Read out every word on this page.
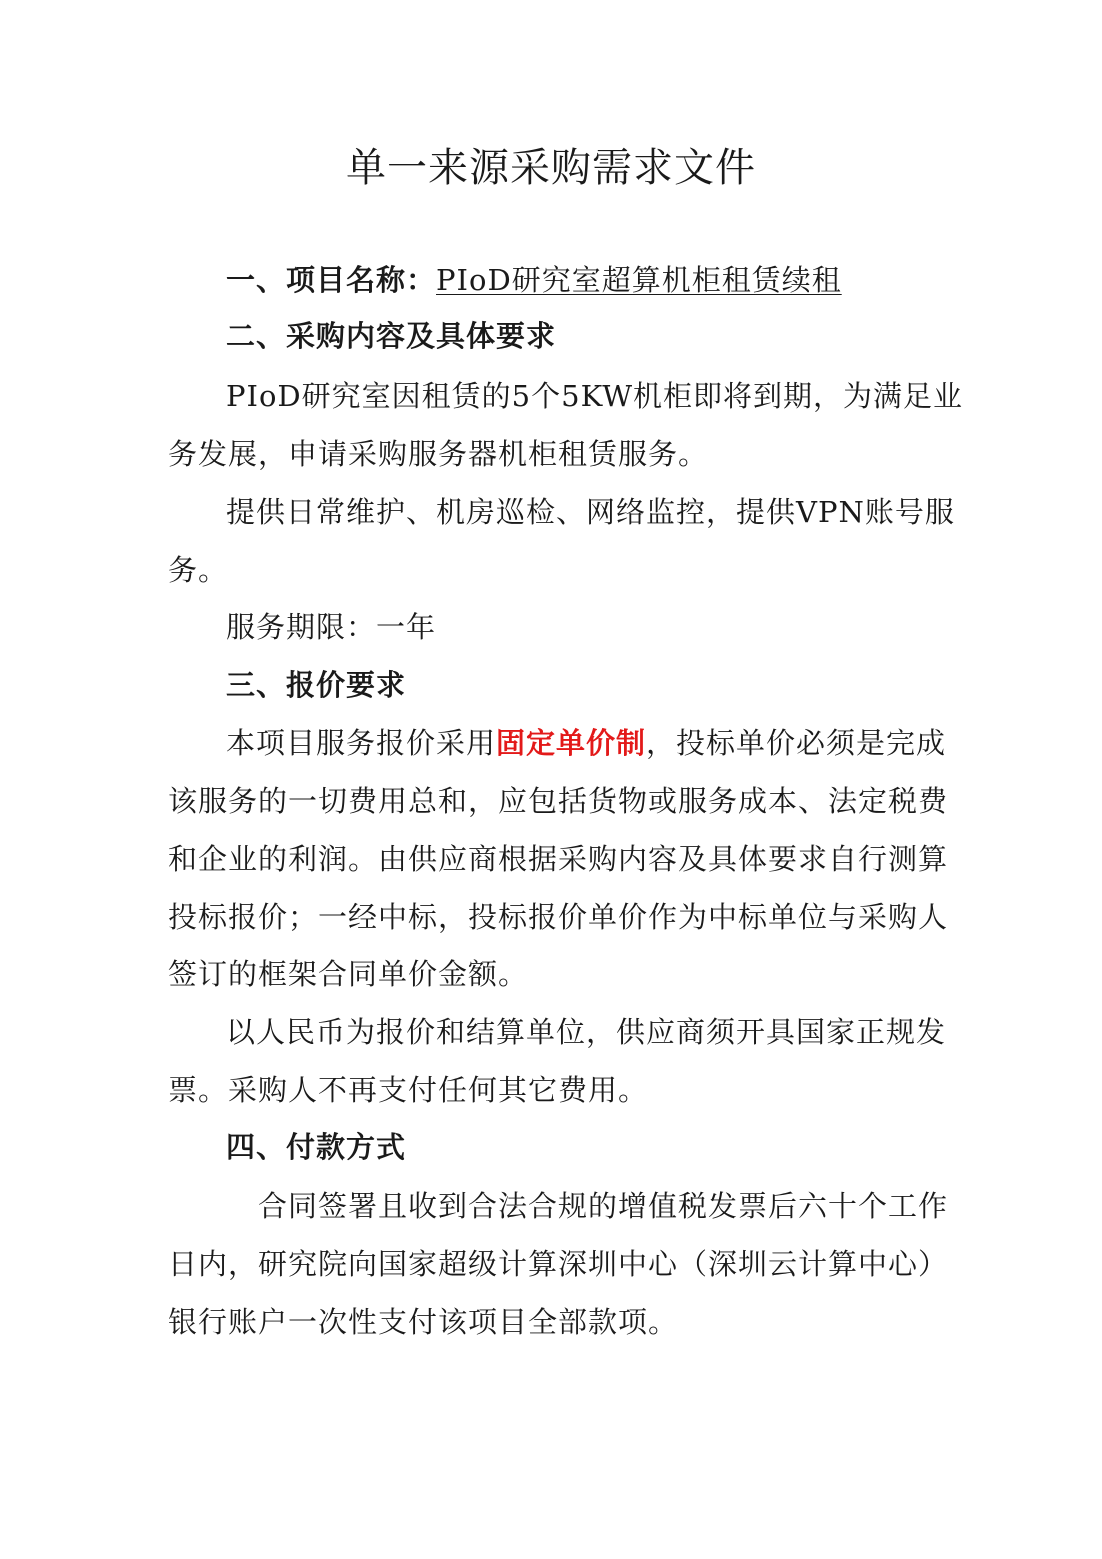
单一来源采购需求文件
一、项目名称：PIoD研究室超算机柜租赁续租
二、采购内容及具体要求
PIoD研究室因租赁的5个5KW机柜即将到期，为满足业
务发展，申请采购服务器机柜租赁服务。
提供日常维护、机房巡检、网络监控，提供VPN账号服
务。
服务期限：一年
三、报价要求
本项目服务报价采用固定单价制，投标单价必须是完成
该服务的一切费用总和，应包括货物或服务成本、法定税费
和企业的利润。由供应商根据采购内容及具体要求自行测算
投标报价；一经中标，投标报价单价作为中标单位与采购人
签订的框架合同单价金额。
以人民币为报价和结算单位，供应商须开具国家正规发
票。采购人不再支付任何其它费用。
四、付款方式
合同签署且收到合法合规的增值税发票后六十个工作
日内，研究院向国家超级计算深圳中心（深圳云计算中心）
银行账户一次性支付该项目全部款项。
